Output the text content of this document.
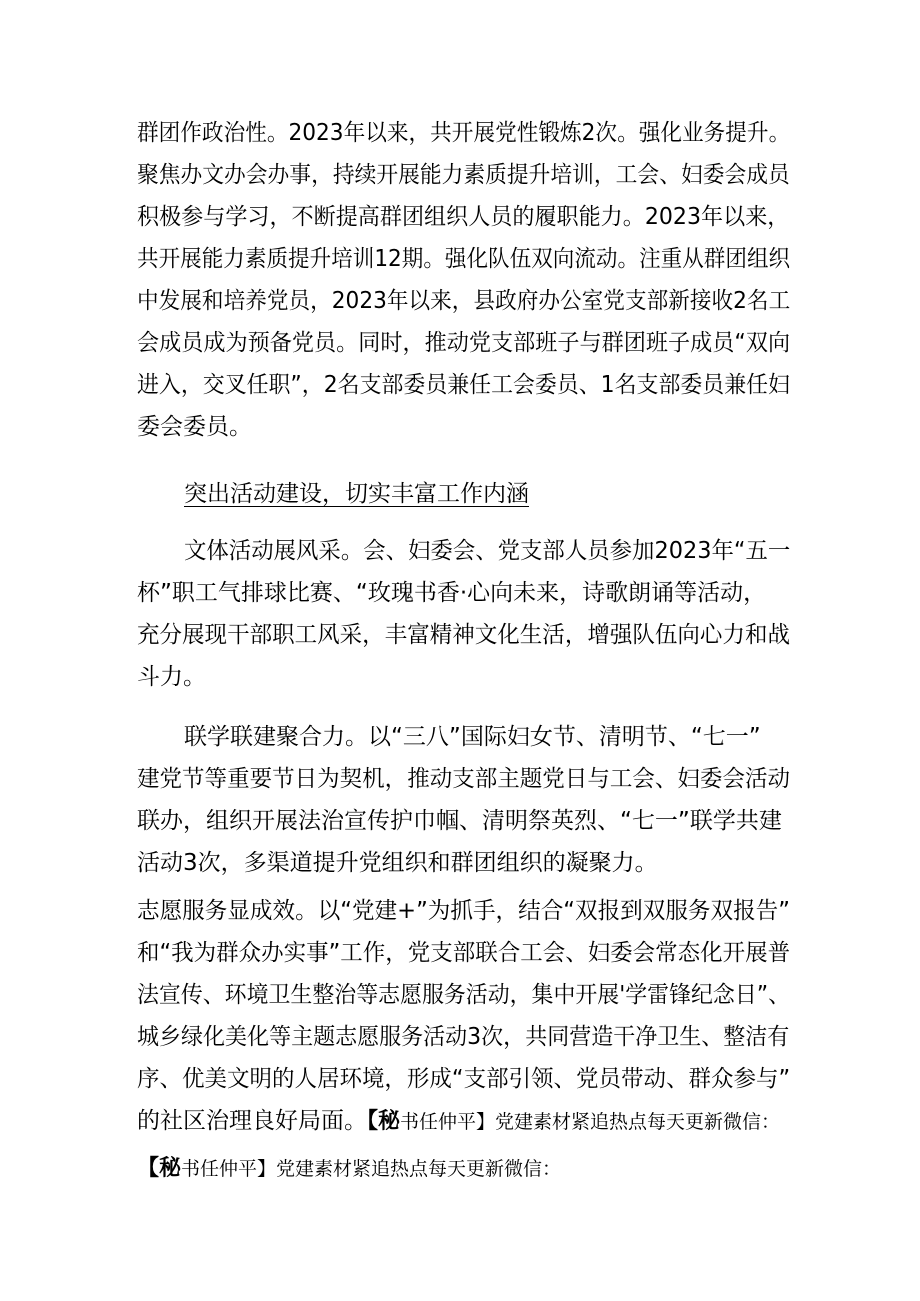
群团作政治性。2023年以来，共开展党性锻炼2次。强化业务提升。
聚焦办文办会办事，持续开展能力素质提升培训，工会、妇委会成员
积极参与学习，不断提高群团组织人员的履职能力。2023年以来，
共开展能力素质提升培训12期。强化队伍双向流动。注重从群团组织
中发展和培养党员，2023年以来，县政府办公室党支部新接收2名工
会成员成为预备党员。同时，推动党支部班子与群团班子成员“双向
进入，交叉任职”，2名支部委员兼任工会委员、1名支部委员兼任妇
委会委员。
突出活动建设，切实丰富工作内涵
文体活动展风采。会、妇委会、党支部人员参加2023年“五一
杯”职工气排球比赛、“玫瑰书香·心向未来，诗歌朗诵等活动，
充分展现干部职工风采，丰富精神文化生活，增强队伍向心力和战
斗力。
联学联建聚合力。以“三八”国际妇女节、清明节、“七一”
建党节等重要节日为契机，推动支部主题党日与工会、妇委会活动
联办，组织开展法治宣传护巾帼、清明祭英烈、“七一”联学共建
活动3次，多渠道提升党组织和群团组织的凝聚力。
志愿服务显成效。以“党建+”为抓手，结合“双报到双服务双报告”
和“我为群众办实事”工作，党支部联合工会、妇委会常态化开展普
法宣传、环境卫生整治等志愿服务活动，集中开展'学雷锋纪念日”、
城乡绿化美化等主题志愿服务活动3次，共同营造干净卫生、整洁有
序、优美文明的人居环境，形成“支部引领、党员带动、群众参与”
的社区治理良好局面。【秘书任仲平】党建素材紧追热点每天更新微信：
【秘书任仲平】党建素材紧追热点每天更新微信：
